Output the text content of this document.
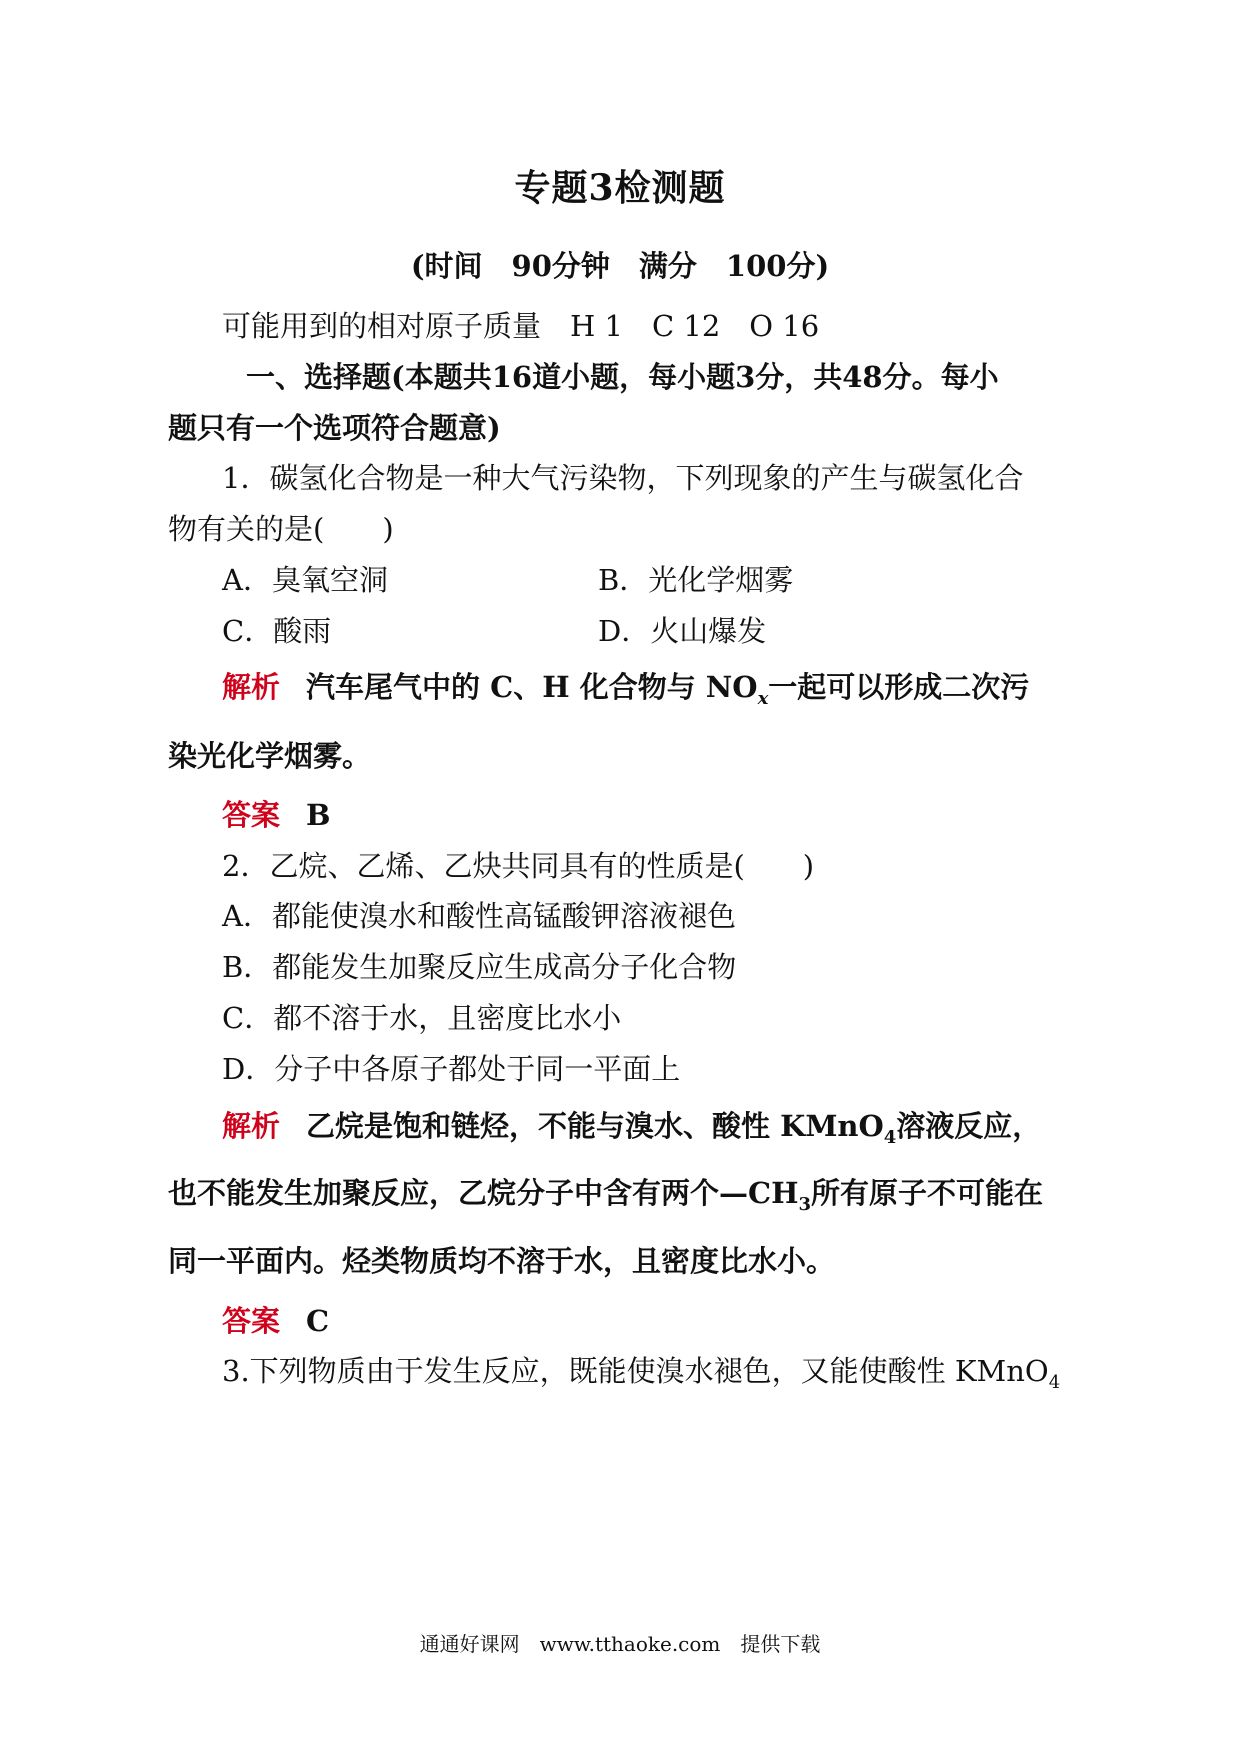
专题3检测题
(时间　90分钟　满分　100分)
可能用到的相对原子质量　H 1　C 12　O 16
一、选择题(本题共16道小题，每小题3分，共48分。每小
题只有一个选项符合题意)
1．碳氢化合物是一种大气污染物，下列现象的产生与碳氢化合
物有关的是(　　)
A．臭氧空洞	B．光化学烟雾
C．酸雨	D．火山爆发
解析 汽车尾气中的 C、H 化合物与 $NO_x$一起可以形成二次污
染光化学烟雾。
答案 B
2．乙烷、乙烯、乙炔共同具有的性质是(　　)
A．都能使溴水和酸性高锰酸钾溶液褪色
B．都能发生加聚反应生成高分子化合物
C．都不溶于水，且密度比水小
D．分子中各原子都处于同一平面上
解析 乙烷是饱和链烃，不能与溴水、酸性 KMnO$_4$溶液反应，
也不能发生加聚反应，乙烷分子中含有两个$—CH_3$所有原子不可能在
同一平面内。烃类物质均不溶于水，且密度比水小。
答案 C
3.下列物质由于发生反应，既能使溴水褪色，又能使酸性 KMnO$_4$
通通好课网　www.tthaoke.com　提供下载
